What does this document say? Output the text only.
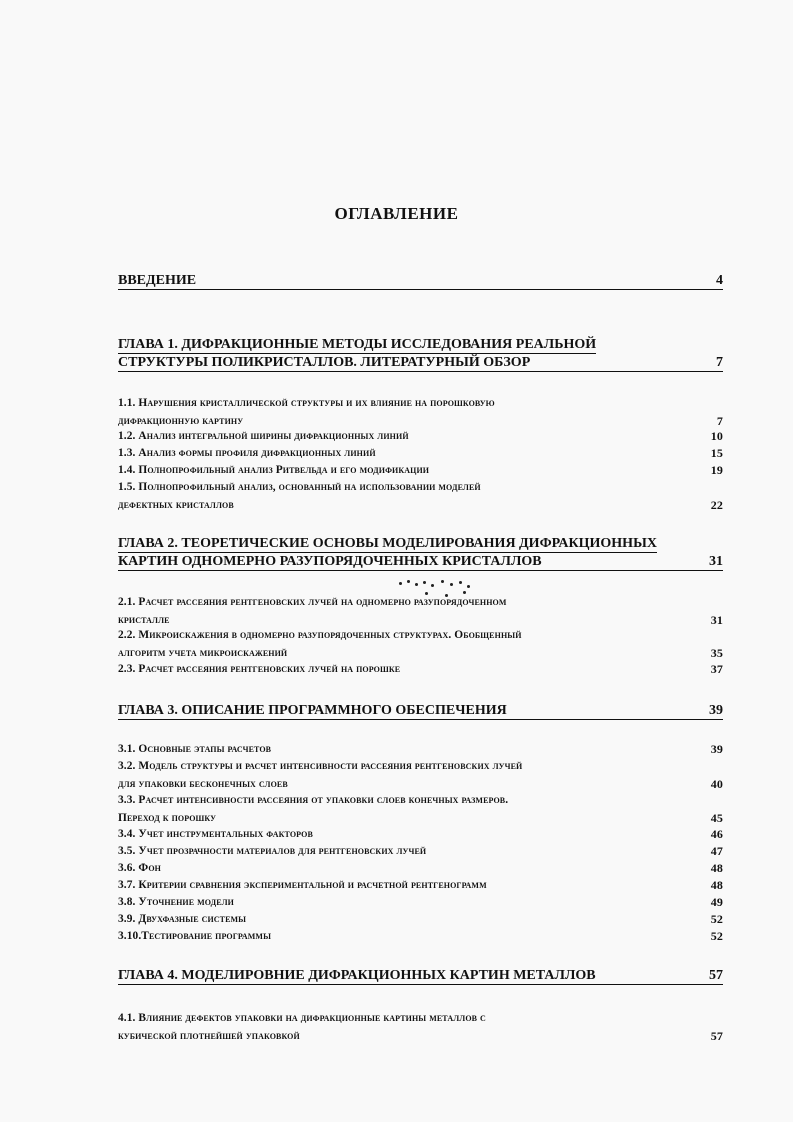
ОГЛАВЛЕНИЕ
ВВЕДЕНИЕ	4
ГЛАВА 1. ДИФРАКЦИОННЫЕ МЕТОДЫ ИССЛЕДОВАНИЯ РЕАЛЬНОЙ
СТРУКТУРЫ ПОЛИКРИСТАЛЛОВ. ЛИТЕРАТУРНЫЙ ОБЗОР	7
1.1. Нарушения кристаллической структуры и их влияние на порошковую
дифракционную картину	7
1.2. Анализ интегральной ширины дифракционных линий	10
1.3. Анализ формы профиля дифракционных линий	15
1.4. Полнопрофильный анализ Ритвельда и его модификации	19
1.5. Полнопрофильный анализ, основанный на использовании моделей
дефектных кристаллов	22
ГЛАВА 2. ТЕОРЕТИЧЕСКИЕ ОСНОВЫ МОДЕЛИРОВАНИЯ ДИФРАКЦИОННЫХ
КАРТИН ОДНОМЕРНО РАЗУПОРЯДОЧЕННЫХ КРИСТАЛЛОВ	31
2.1. Расчет рассеяния рентгеновских лучей на одномерно разупорядоченном
кристалле	31
2.2. Микроискажения в одномерно разупорядоченных структурах. Обобщенный
алгоритм учета микроискажений	35
2.3. Расчет рассеяния рентгеновских лучей на порошке	37
ГЛАВА 3. ОПИСАНИЕ ПРОГРАММНОГО ОБЕСПЕЧЕНИЯ	39
3.1. Основные этапы расчетов	39
3.2. Модель структуры и расчет интенсивности рассеяния рентгеновских лучей
для упаковки бесконечных слоев	40
3.3. Расчет интенсивности рассеяния от упаковки слоев конечных размеров.
Переход к порошку	45
3.4. Учет инструментальных факторов	46
3.5. Учет прозрачности материалов для рентгеновских лучей	47
3.6. Фон	48
3.7. Критерии сравнения экспериментальной и расчетной рентгенограмм	48
3.8. Уточнение модели	49
3.9. Двухфазные системы	52
3.10.Тестирование программы	52
ГЛАВА 4. МОДЕЛИРОВНИЕ ДИФРАКЦИОННЫХ КАРТИН МЕТАЛЛОВ	57
4.1. Влияние дефектов упаковки на дифракционные картины металлов с
кубической плотнейшей упаковкой	57
